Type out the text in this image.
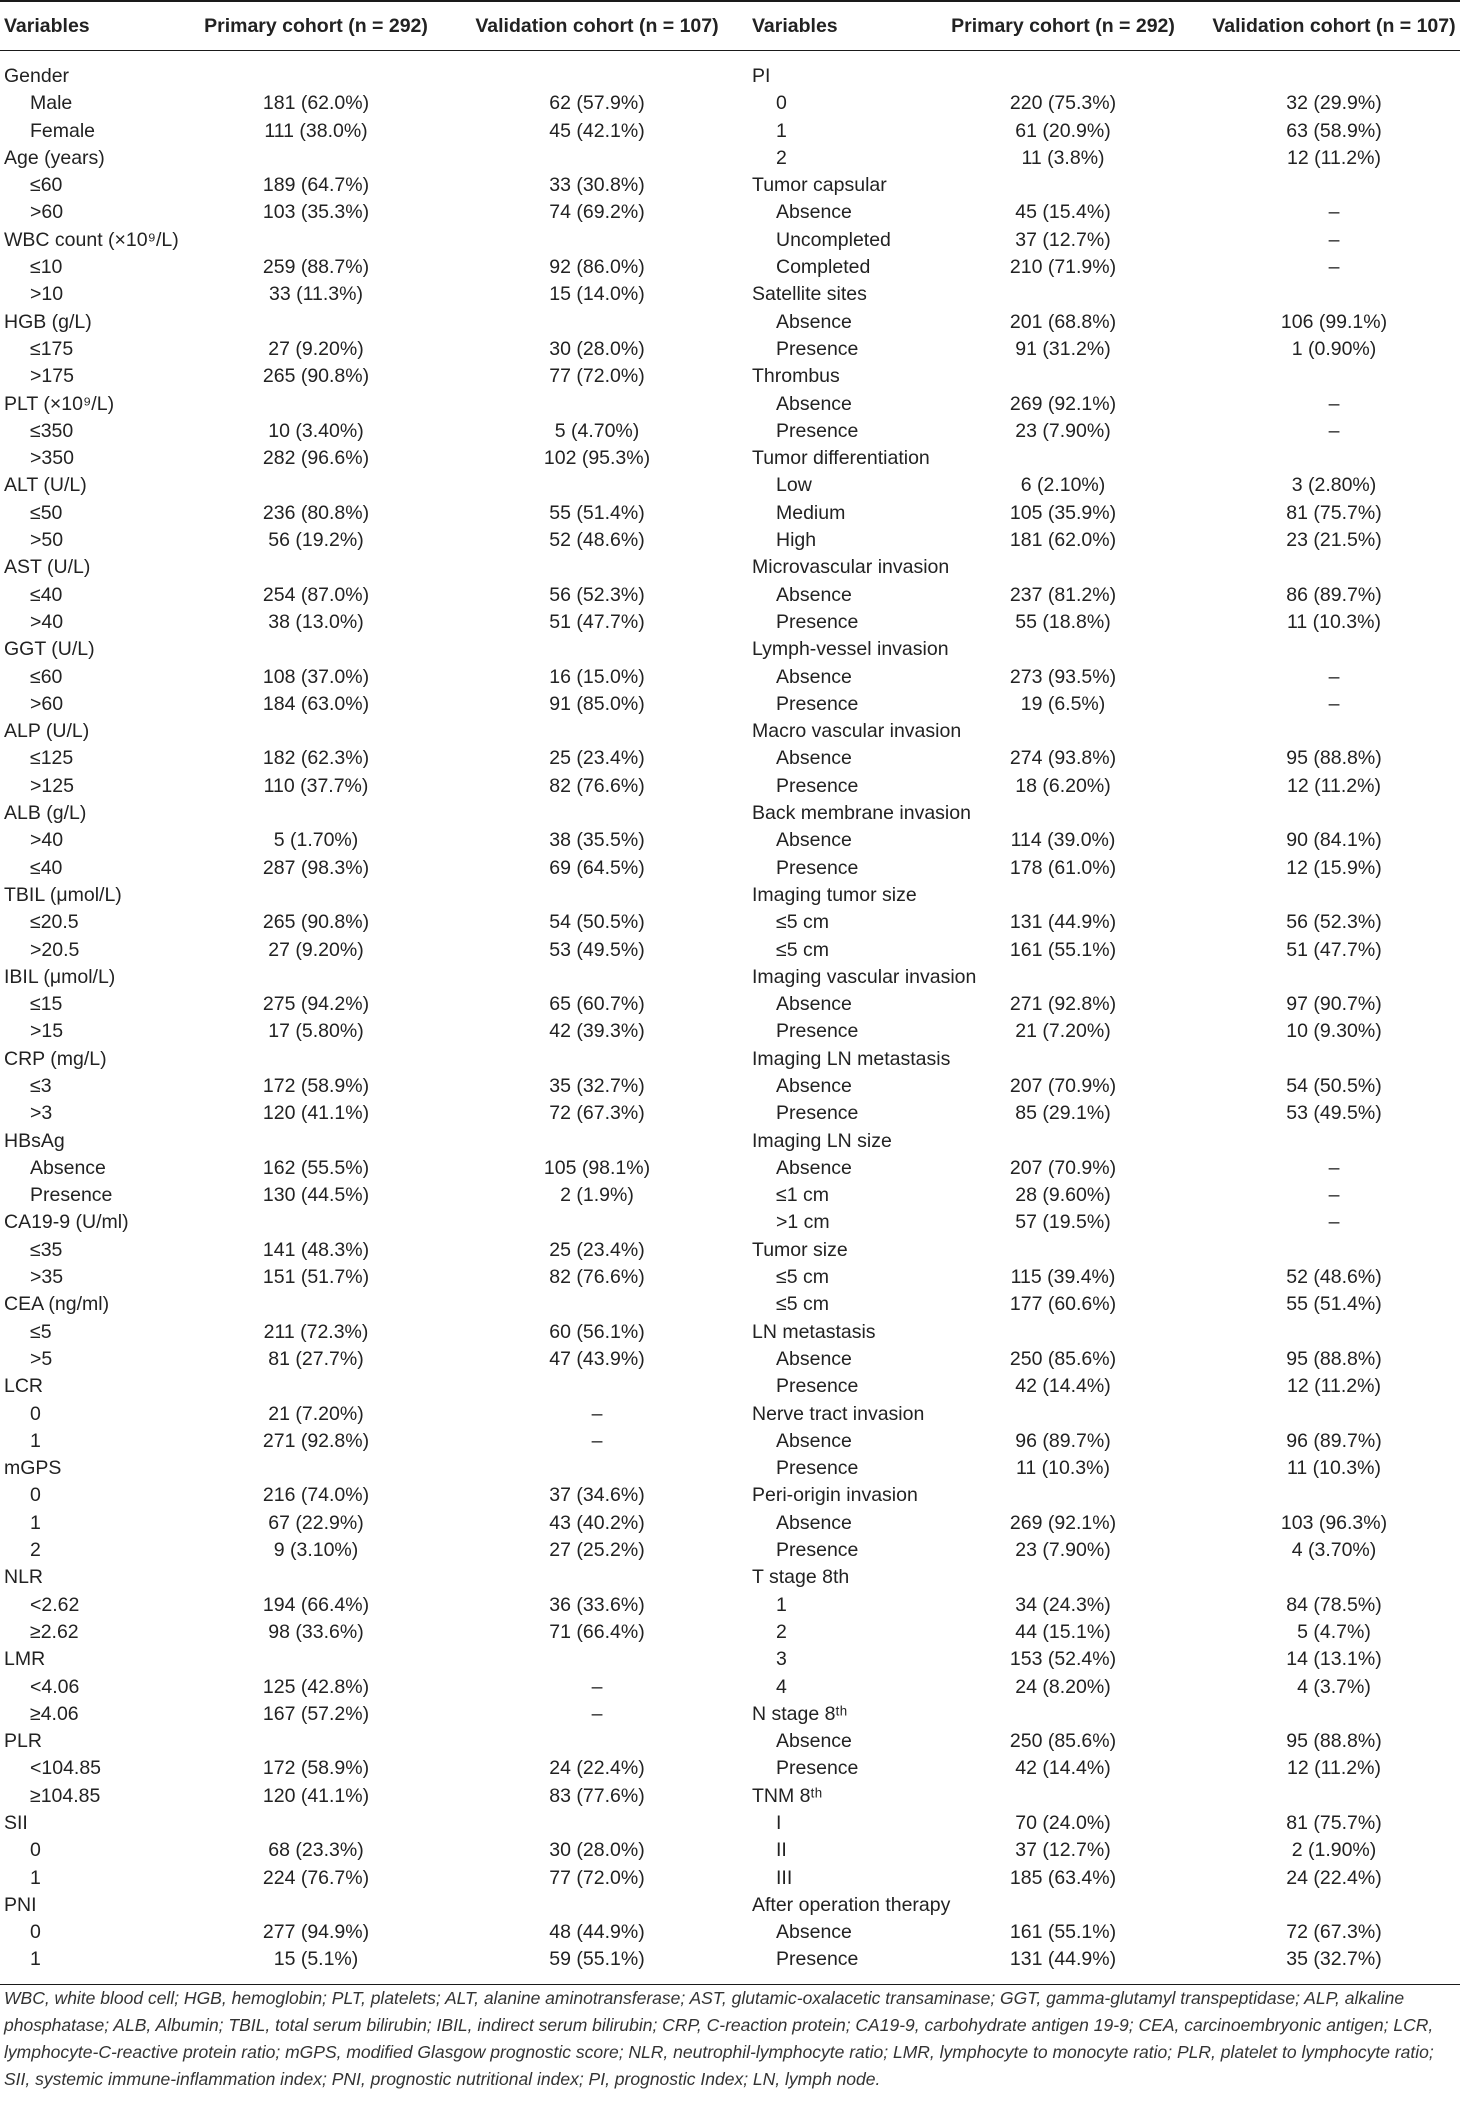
Variables	Primary cohort (n = 292)	Validation cohort (n = 107)	Variables	Primary cohort (n = 292)	Validation cohort (n = 107)
Gender			PI		
Male	181 (62.0%)	62 (57.9%)	0	220 (75.3%)	32 (29.9%)
Female	111 (38.0%)	45 (42.1%)	1	61 (20.9%)	63 (58.9%)
Age (years)			2	11 (3.8%)	12 (11.2%)
≤60	189 (64.7%)	33 (30.8%)	Tumor capsular		
>60	103 (35.3%)	74 (69.2%)	Absence	45 (15.4%)	–
WBC count (×10⁹/L)			Uncompleted	37 (12.7%)	–
≤10	259 (88.7%)	92 (86.0%)	Completed	210 (71.9%)	–
>10	33 (11.3%)	15 (14.0%)	Satellite sites		
HGB (g/L)			Absence	201 (68.8%)	106 (99.1%)
≤175	27 (9.20%)	30 (28.0%)	Presence	91 (31.2%)	1 (0.90%)
>175	265 (90.8%)	77 (72.0%)	Thrombus		
PLT (×10⁹/L)			Absence	269 (92.1%)	–
≤350	10 (3.40%)	5 (4.70%)	Presence	23 (7.90%)	–
>350	282 (96.6%)	102 (95.3%)	Tumor differentiation		
ALT (U/L)			Low	6 (2.10%)	3 (2.80%)
≤50	236 (80.8%)	55 (51.4%)	Medium	105 (35.9%)	81 (75.7%)
>50	56 (19.2%)	52 (48.6%)	High	181 (62.0%)	23 (21.5%)
AST (U/L)			Microvascular invasion		
≤40	254 (87.0%)	56 (52.3%)	Absence	237 (81.2%)	86 (89.7%)
>40	38 (13.0%)	51 (47.7%)	Presence	55 (18.8%)	11 (10.3%)
GGT (U/L)			Lymph-vessel invasion		
≤60	108 (37.0%)	16 (15.0%)	Absence	273 (93.5%)	–
>60	184 (63.0%)	91 (85.0%)	Presence	19 (6.5%)	–
ALP (U/L)			Macro vascular invasion		
≤125	182 (62.3%)	25 (23.4%)	Absence	274 (93.8%)	95 (88.8%)
>125	110 (37.7%)	82 (76.6%)	Presence	18 (6.20%)	12 (11.2%)
ALB (g/L)			Back membrane invasion		
>40	5 (1.70%)	38 (35.5%)	Absence	114 (39.0%)	90 (84.1%)
≤40	287 (98.3%)	69 (64.5%)	Presence	178 (61.0%)	12 (15.9%)
TBIL (μmol/L)			Imaging tumor size		
≤20.5	265 (90.8%)	54 (50.5%)	≤5 cm	131 (44.9%)	56 (52.3%)
>20.5	27 (9.20%)	53 (49.5%)	≤5 cm	161 (55.1%)	51 (47.7%)
IBIL (μmol/L)			Imaging vascular invasion		
≤15	275 (94.2%)	65 (60.7%)	Absence	271 (92.8%)	97 (90.7%)
>15	17 (5.80%)	42 (39.3%)	Presence	21 (7.20%)	10 (9.30%)
CRP (mg/L)			Imaging LN metastasis		
≤3	172 (58.9%)	35 (32.7%)	Absence	207 (70.9%)	54 (50.5%)
>3	120 (41.1%)	72 (67.3%)	Presence	85 (29.1%)	53 (49.5%)
HBsAg			Imaging LN size		
Absence	162 (55.5%)	105 (98.1%)	Absence	207 (70.9%)	–
Presence	130 (44.5%)	2 (1.9%)	≤1 cm	28 (9.60%)	–
CA19-9 (U/ml)			>1 cm	57 (19.5%)	–
≤35	141 (48.3%)	25 (23.4%)	Tumor size		
>35	151 (51.7%)	82 (76.6%)	≤5 cm	115 (39.4%)	52 (48.6%)
CEA (ng/ml)			≤5 cm	177 (60.6%)	55 (51.4%)
≤5	211 (72.3%)	60 (56.1%)	LN metastasis		
>5	81 (27.7%)	47 (43.9%)	Absence	250 (85.6%)	95 (88.8%)
LCR			Presence	42 (14.4%)	12 (11.2%)
0	21 (7.20%)	–	Nerve tract invasion		
1	271 (92.8%)	–	Absence	96 (89.7%)	96 (89.7%)
mGPS			Presence	11 (10.3%)	11 (10.3%)
0	216 (74.0%)	37 (34.6%)	Peri-origin invasion		
1	67 (22.9%)	43 (40.2%)	Absence	269 (92.1%)	103 (96.3%)
2	9 (3.10%)	27 (25.2%)	Presence	23 (7.90%)	4 (3.70%)
NLR			T stage 8th		
<2.62	194 (66.4%)	36 (33.6%)	1	34 (24.3%)	84 (78.5%)
≥2.62	98 (33.6%)	71 (66.4%)	2	44 (15.1%)	5 (4.7%)
LMR			3	153 (52.4%)	14 (13.1%)
<4.06	125 (42.8%)	–	4	24 (8.20%)	4 (3.7%)
≥4.06	167 (57.2%)	–	N stage 8ᵗʰ		
PLR			Absence	250 (85.6%)	95 (88.8%)
<104.85	172 (58.9%)	24 (22.4%)	Presence	42 (14.4%)	12 (11.2%)
≥104.85	120 (41.1%)	83 (77.6%)	TNM 8ᵗʰ		
SII			I	70 (24.0%)	81 (75.7%)
0	68 (23.3%)	30 (28.0%)	II	37 (12.7%)	2 (1.90%)
1	224 (76.7%)	77 (72.0%)	III	185 (63.4%)	24 (22.4%)
PNI			After operation therapy		
0	277 (94.9%)	48 (44.9%)	Absence	161 (55.1%)	72 (67.3%)
1	15 (5.1%)	59 (55.1%)	Presence	131 (44.9%)	35 (32.7%)
WBC, white blood cell; HGB, hemoglobin; PLT, platelets; ALT, alanine aminotransferase; AST, glutamic-oxalacetic transaminase; GGT, gamma-glutamyl transpeptidase; ALP, alkaline phosphatase; ALB, Albumin; TBIL, total serum bilirubin; IBIL, indirect serum bilirubin; CRP, C-reaction protein; CA19-9, carbohydrate antigen 19-9; CEA, carcinoembryonic antigen; LCR, lymphocyte-C-reactive protein ratio; mGPS, modified Glasgow prognostic score; NLR, neutrophil-lymphocyte ratio; LMR, lymphocyte to monocyte ratio; PLR, platelet to lymphocyte ratio; SII, systemic immune-inflammation index; PNI, prognostic nutritional index; PI, prognostic Index; LN, lymph node.
